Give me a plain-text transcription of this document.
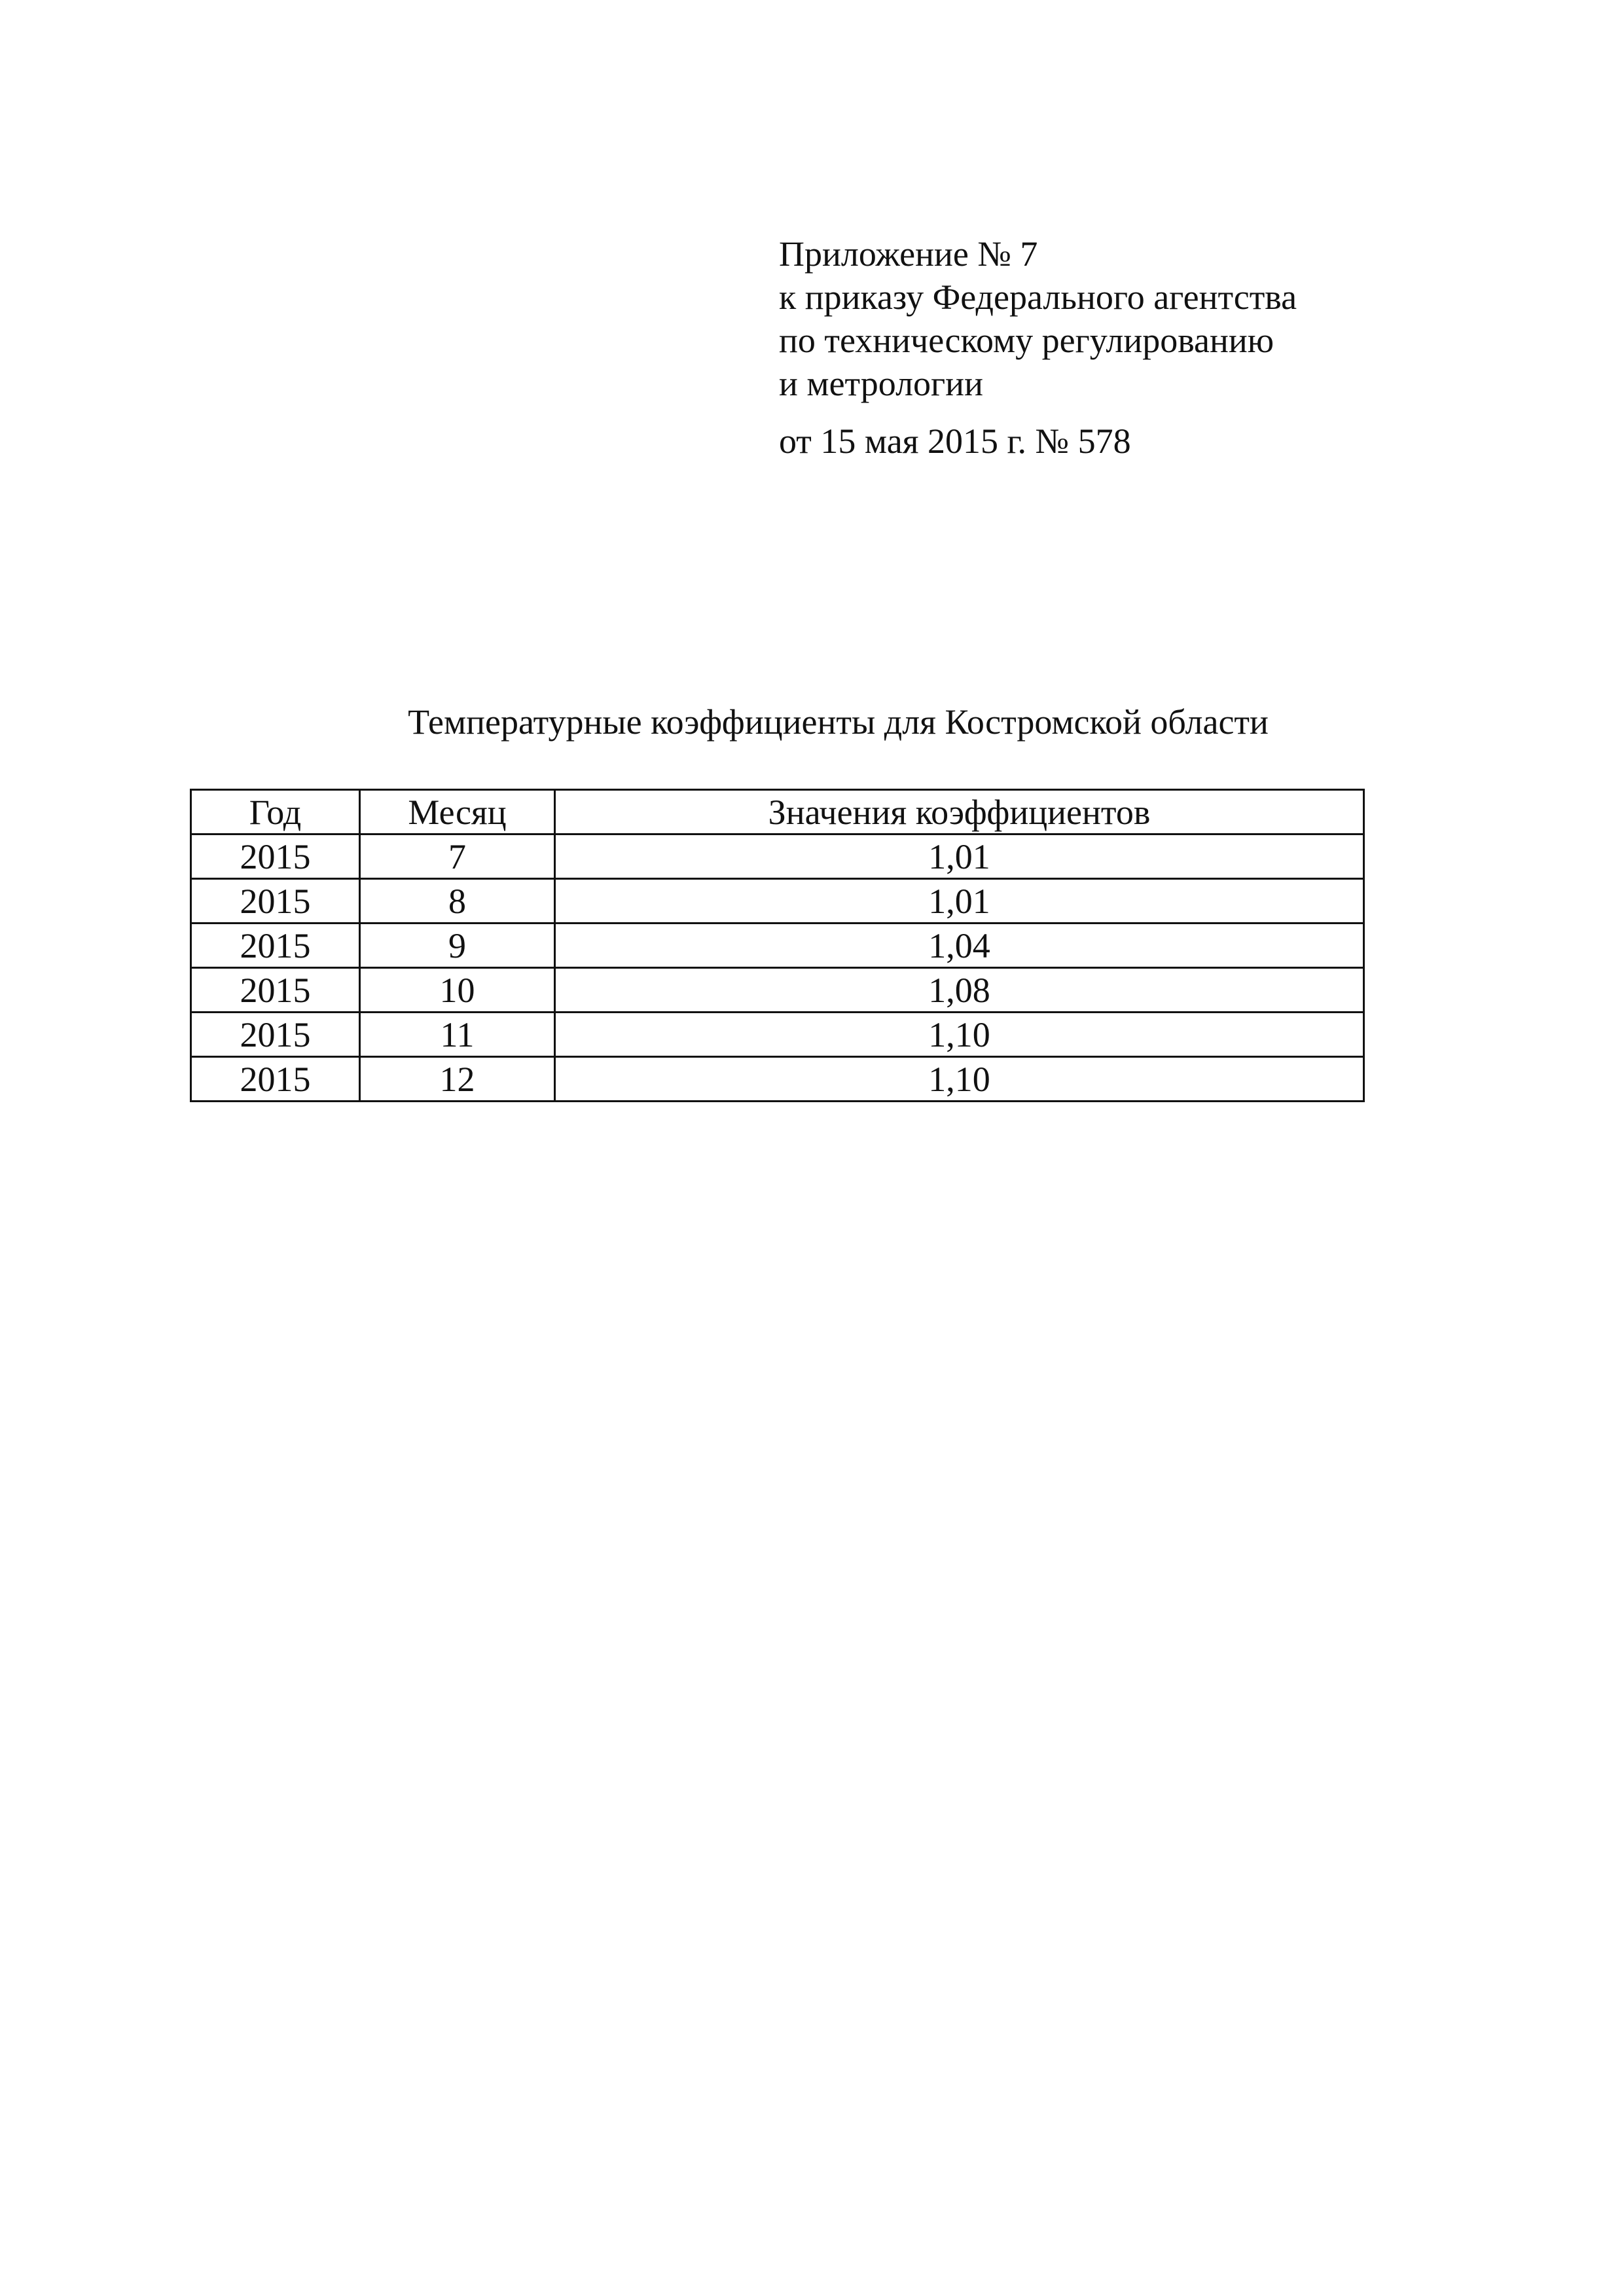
Приложение № 7
к приказу Федерального агентства
по техническому регулированию
и метрологии
от 15 мая 2015 г. № 578
Температурные коэффициенты для Костромской области
Год	Месяц	Значения коэффициентов
2015	7	1,01
2015	8	1,01
2015	9	1,04
2015	10	1,08
2015	11	1,10
2015	12	1,10
